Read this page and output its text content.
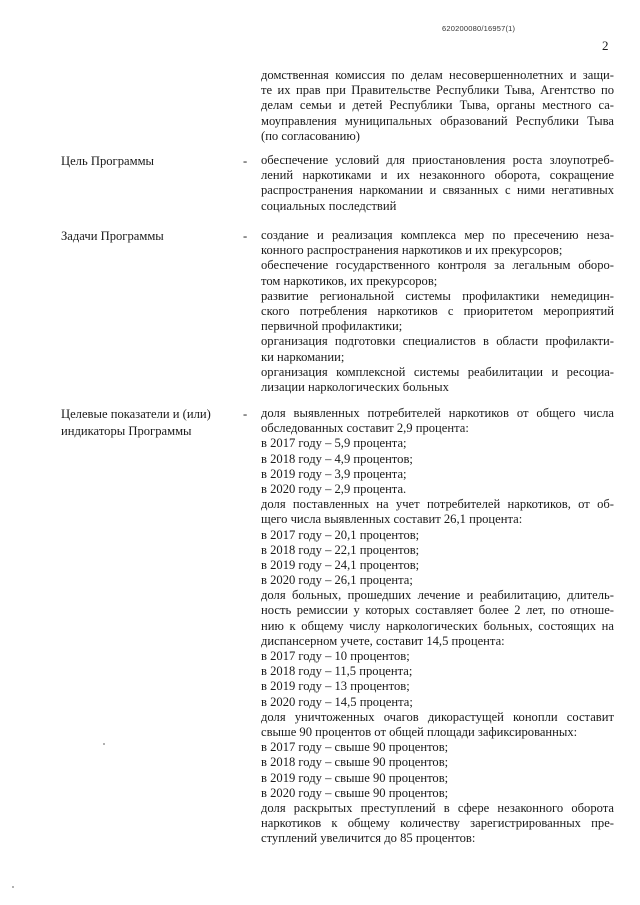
620200080/16957(1)
2
домственная комиссия по делам несовершеннолетних и защи-
те их прав при Правительстве Республики Тыва, Агентство по
делам семьи и детей Республики Тыва, органы местного са-
моуправления муниципальных образований Республики Тыва
(по согласованию)
Цель Программы	- обеспечение условий для приостановления роста злоупотреб-
лений наркотиками и их незаконного оборота, сокращение
распространения наркомании и связанных с ними негативных
социальных последствий
Задачи Программы	- создание и реализация комплекса мер по пресечению неза-
конного распространения наркотиков и их прекурсоров;
обеспечение государственного контроля за легальным оборо-
том наркотиков, их прекурсоров;
развитие региональной системы профилактики немедицин-
ского потребления наркотиков с приоритетом мероприятий
первичной профилактики;
организация подготовки специалистов в области профилакти-
ки наркомании;
организация комплексной системы реабилитации и ресоциа-
лизации наркологических больных
Целевые показатели и (или)
индикаторы Программы
- доля выявленных потребителей наркотиков от общего числа
обследованных составит 2,9 процента:
в 2017 году – 5,9 процента;
в 2018 году – 4,9 процентов;
в 2019 году – 3,9 процента;
в 2020 году – 2,9 процента.
доля поставленных на учет потребителей наркотиков, от об-
щего числа выявленных составит 26,1 процента:
в 2017 году – 20,1 процентов;
в 2018 году – 22,1 процентов;
в 2019 году – 24,1 процентов;
в 2020 году – 26,1 процента;
доля больных, прошедших лечение и реабилитацию, длитель-
ность ремиссии у которых составляет более 2 лет, по отноше-
нию к общему числу наркологических больных, состоящих на
диспансерном учете, составит 14,5 процента:
в 2017 году – 10 процентов;
в 2018 году – 11,5 процента;
в 2019 году – 13 процентов;
в 2020 году – 14,5 процента;
доля уничтоженных очагов дикорастущей конопли составит
свыше 90 процентов от общей площади зафиксированных:
в 2017 году – свыше 90 процентов;
в 2018 году – свыше 90 процентов;
в 2019 году – свыше 90 процентов;
в 2020 году – свыше 90 процентов;
доля раскрытых преступлений в сфере незаконного оборота
наркотиков к общему количеству зарегистрированных пре-
ступлений увеличится до 85 процентов:
